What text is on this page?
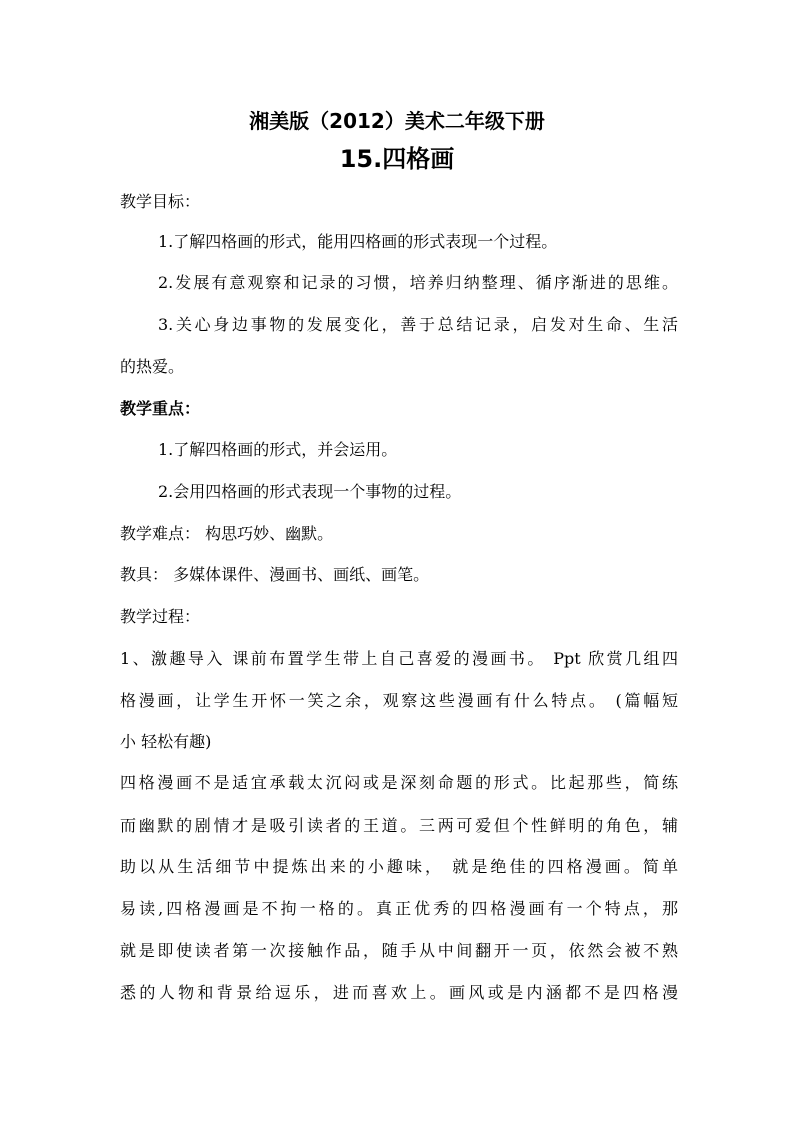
湘美版（2012）美术二年级下册
15.四格画
教学目标：
1.了解四格画的形式，能用四格画的形式表现一个过程。
2.发展有意观察和记录的习惯，培养归纳整理、循序渐进的思维。
3.关心身边事物的发展变化，善于总结记录，启发对生命、生活
的热爱。
教学重点：
1.了解四格画的形式，并会运用。
2.会用四格画的形式表现一个事物的过程。
教学难点： 构思巧妙、幽默。
教具： 多媒体课件、漫画书、画纸、画笔。
教学过程：
1、激趣导入 课前布置学生带上自己喜爱的漫画书。 Ppt 欣赏几组四
格漫画，让学生开怀一笑之余，观察这些漫画有什么特点。 (篇幅短
小 轻松有趣)
四格漫画不是适宜承载太沉闷或是深刻命题的形式。比起那些，简练
而幽默的剧情才是吸引读者的王道。三两可爱但个性鲜明的角色，辅
助以从生活细节中提炼出来的小趣味， 就是绝佳的四格漫画。简单
易读,四格漫画是不拘一格的。真正优秀的四格漫画有一个特点，那
就是即使读者第一次接触作品，随手从中间翻开一页，依然会被不熟
悉的人物和背景给逗乐，进而喜欢上。画风或是内涵都不是四格漫
